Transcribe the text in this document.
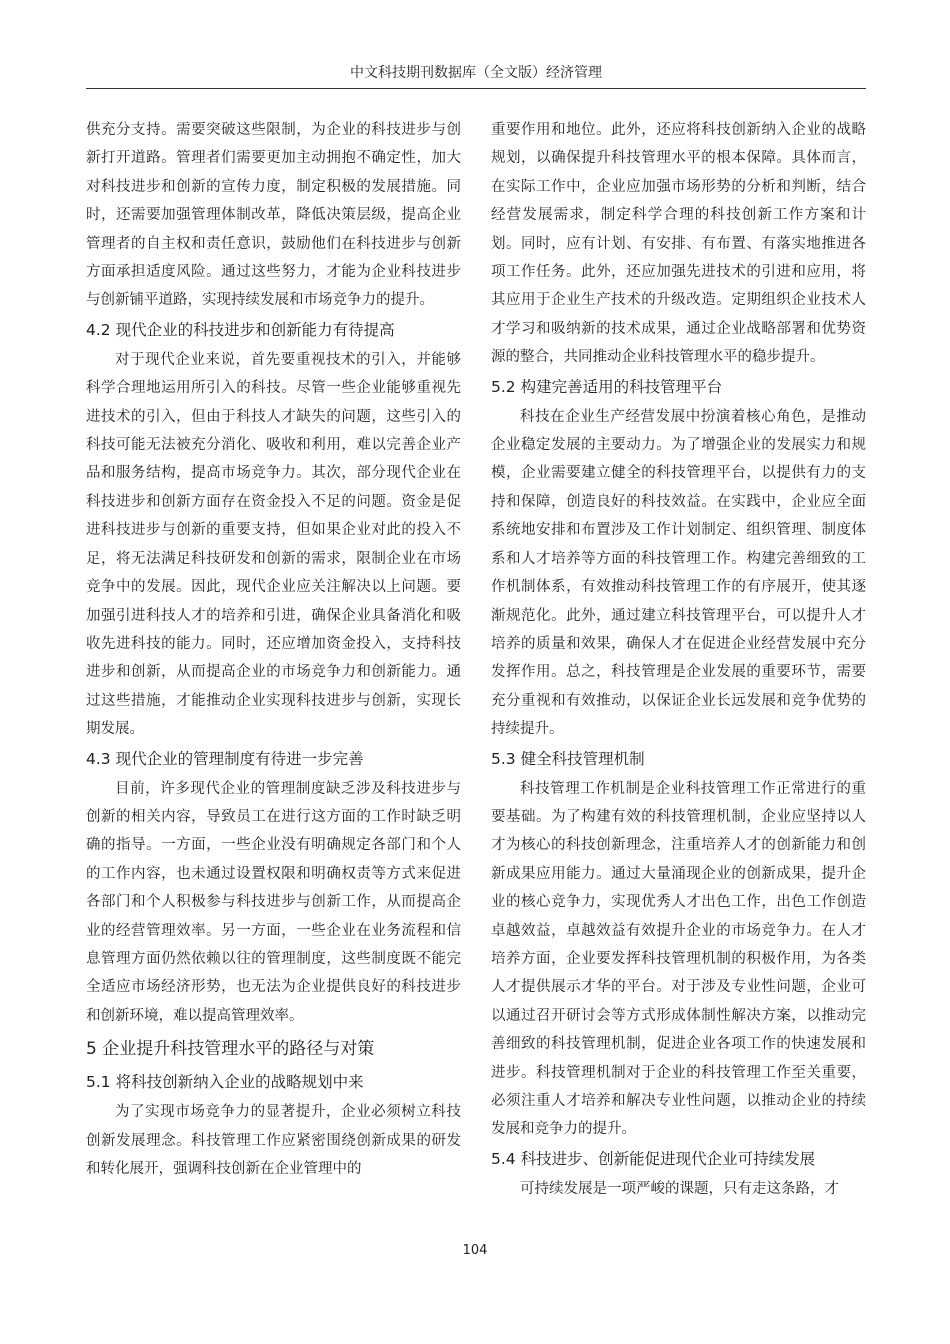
中文科技期刊数据库（全文版）经济管理

供充分支持。需要突破这些限制，为企业的科技进步与创新打开道路。管理者们需要更加主动拥抱不确定性，加大对科技进步和创新的宣传力度，制定积极的发展措施。同时，还需要加强管理体制改革，降低决策层级，提高企业管理者的自主权和责任意识，鼓励他们在科技进步与创新方面承担适度风险。通过这些努力，才能为企业科技进步与创新铺平道路，实现持续发展和市场竞争力的提升。

4.2 现代企业的科技进步和创新能力有待提高

对于现代企业来说，首先要重视技术的引入，并能够科学合理地运用所引入的科技。尽管一些企业能够重视先进技术的引入，但由于科技人才缺失的问题，这些引入的科技可能无法被充分消化、吸收和利用，难以完善企业产品和服务结构，提高市场竞争力。其次，部分现代企业在科技进步和创新方面存在资金投入不足的问题。资金是促进科技进步与创新的重要支持，但如果企业对此的投入不足，将无法满足科技研发和创新的需求，限制企业在市场竞争中的发展。因此，现代企业应关注解决以上问题。要加强引进科技人才的培养和引进，确保企业具备消化和吸收先进科技的能力。同时，还应增加资金投入，支持科技进步和创新，从而提高企业的市场竞争力和创新能力。通过这些措施，才能推动企业实现科技进步与创新，实现长期发展。

4.3 现代企业的管理制度有待进一步完善

目前，许多现代企业的管理制度缺乏涉及科技进步与创新的相关内容，导致员工在进行这方面的工作时缺乏明确的指导。一方面，一些企业没有明确规定各部门和个人的工作内容，也未通过设置权限和明确权责等方式来促进各部门和个人积极参与科技进步与创新工作，从而提高企业的经营管理效率。另一方面，一些企业在业务流程和信息管理方面仍然依赖以往的管理制度，这些制度既不能完全适应市场经济形势，也无法为企业提供良好的科技进步和创新环境，难以提高管理效率。

5 企业提升科技管理水平的路径与对策
5.1 将科技创新纳入企业的战略规划中来

为了实现市场竞争力的显著提升，企业必须树立科技创新发展理念。科技管理工作应紧密围绕创新成果的研发和转化展开，强调科技创新在企业管理中的

重要作用和地位。此外，还应将科技创新纳入企业的战略规划，以确保提升科技管理水平的根本保障。具体而言，在实际工作中，企业应加强市场形势的分析和判断，结合经营发展需求，制定科学合理的科技创新工作方案和计划。同时，应有计划、有安排、有布置、有落实地推进各项工作任务。此外，还应加强先进技术的引进和应用，将其应用于企业生产技术的升级改造。定期组织企业技术人才学习和吸纳新的技术成果，通过企业战略部署和优势资源的整合，共同推动企业科技管理水平的稳步提升。

5.2 构建完善适用的科技管理平台

科技在企业生产经营发展中扮演着核心角色，是推动企业稳定发展的主要动力。为了增强企业的发展实力和规模，企业需要建立健全的科技管理平台，以提供有力的支持和保障，创造良好的科技效益。在实践中，企业应全面系统地安排和布置涉及工作计划制定、组织管理、制度体系和人才培养等方面的科技管理工作。构建完善细致的工作机制体系，有效推动科技管理工作的有序展开，使其逐渐规范化。此外，通过建立科技管理平台，可以提升人才培养的质量和效果，确保人才在促进企业经营发展中充分发挥作用。总之，科技管理是企业发展的重要环节，需要充分重视和有效推动，以保证企业长远发展和竞争优势的持续提升。

5.3 健全科技管理机制

科技管理工作机制是企业科技管理工作正常进行的重要基础。为了构建有效的科技管理机制，企业应坚持以人才为核心的科技创新理念，注重培养人才的创新能力和创新成果应用能力。通过大量涌现企业的创新成果，提升企业的核心竞争力，实现优秀人才出色工作，出色工作创造卓越效益，卓越效益有效提升企业的市场竞争力。在人才培养方面，企业要发挥科技管理机制的积极作用，为各类人才提供展示才华的平台。对于涉及专业性问题，企业可以通过召开研讨会等方式形成体制性解决方案，以推动完善细致的科技管理机制，促进企业各项工作的快速发展和进步。科技管理机制对于企业的科技管理工作至关重要，必须注重人才培养和解决专业性问题，以推动企业的持续发展和竞争力的提升。

5.4 科技进步、创新能促进现代企业可持续发展

可持续发展是一项严峻的课题，只有走这条路，才

104
